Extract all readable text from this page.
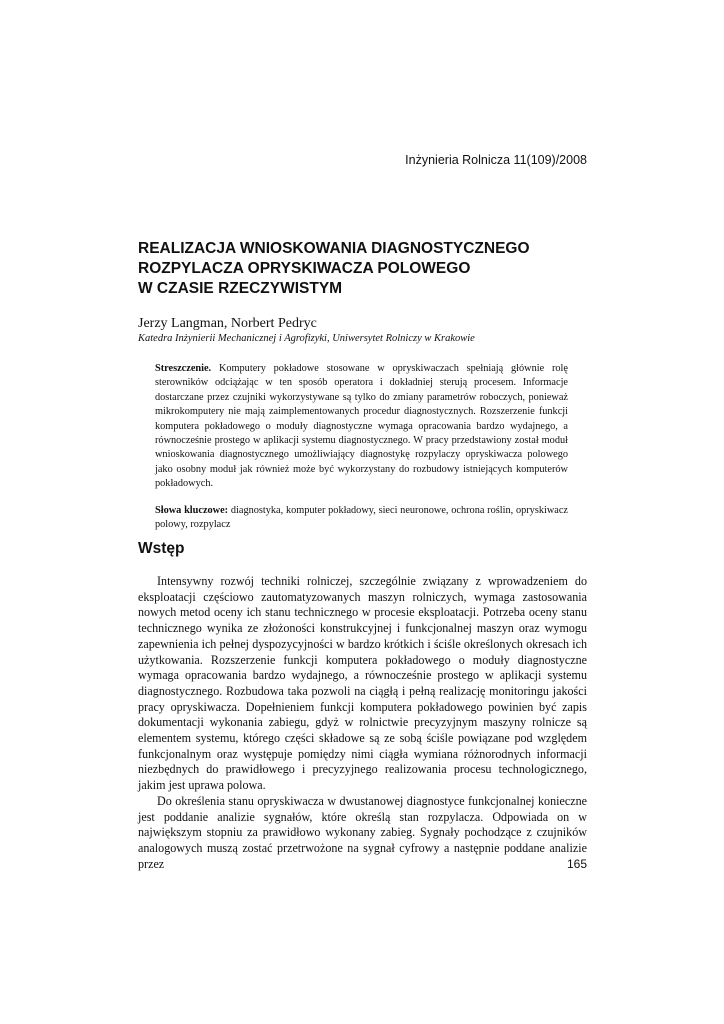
Inżynieria Rolnicza 11(109)/2008
REALIZACJA WNIOSKOWANIA DIAGNOSTYCZNEGO
ROZPYLACZA OPRYSKIWACZA POLOWEGO
W CZASIE RZECZYWISTYM
Jerzy Langman, Norbert Pedryc
Katedra Inżynierii Mechanicznej i Agrofizyki, Uniwersytet Rolniczy w Krakowie

Streszczenie. Komputery pokładowe stosowane w opryskiwaczach spełniają głównie rolę sterowników odciążając w ten sposób operatora i dokładniej sterują procesem. Informacje dostarczane przez czujniki wykorzystywane są tylko do zmiany parametrów roboczych, ponieważ mikrokomputery nie mają zaimplementowanych procedur diagnostycznych. Rozszerzenie funkcji komputera pokładowego o moduły diagnostyczne wymaga opracowania bardzo wydajnego, a równocześnie prostego w aplikacji systemu diagnostycznego. W pracy przedstawiony został moduł wnioskowania diagnostycznego umożliwiający diagnostykę rozpylaczy opryskiwacza polowego jako osobny moduł jak również może być wykorzystany do rozbudowy istniejących komputerów pokładowych.

Słowa kluczowe: diagnostyka, komputer pokładowy, sieci neuronowe, ochrona roślin, opryskiwacz polowy, rozpylacz

Wstęp

Intensywny rozwój techniki rolniczej, szczególnie związany z wprowadzeniem do eksploatacji częściowo zautomatyzowanych maszyn rolniczych, wymaga zastosowania nowych metod oceny ich stanu technicznego w procesie eksploatacji. Potrzeba oceny stanu technicznego wynika ze złożoności konstrukcyjnej i funkcjonalnej maszyn oraz wymogu zapewnienia ich pełnej dyspozycyjności w bardzo krótkich i ściśle określonych okresach ich użytkowania. Rozszerzenie funkcji komputera pokładowego o moduły diagnostyczne wymaga opracowania bardzo wydajnego, a równocześnie prostego w aplikacji systemu diagnostycznego. Rozbudowa taka pozwoli na ciągłą i pełną realizację monitoringu jakości pracy opryskiwacza. Dopełnieniem funkcji komputera pokładowego powinien być zapis dokumentacji wykonania zabiegu, gdyż w rolnictwie precyzyjnym maszyny rolnicze są elementem systemu, którego części składowe są ze sobą ściśle powiązane pod względem funkcjonalnym oraz występuje pomiędzy nimi ciągła wymiana różnorodnych informacji niezbędnych do prawidłowego i precyzyjnego realizowania procesu technologicznego, jakim jest uprawa polowa.

Do określenia stanu opryskiwacza w dwustanowej diagnostyce funkcjonalnej konieczne jest poddanie analizie sygnałów, które określą stan rozpylacza. Odpowiada on w największym stopniu za prawidłowo wykonany zabieg. Sygnały pochodzące z czujników analogowych muszą zostać przetrwożone na sygnał cyfrowy a następnie poddane analizie przez	165
